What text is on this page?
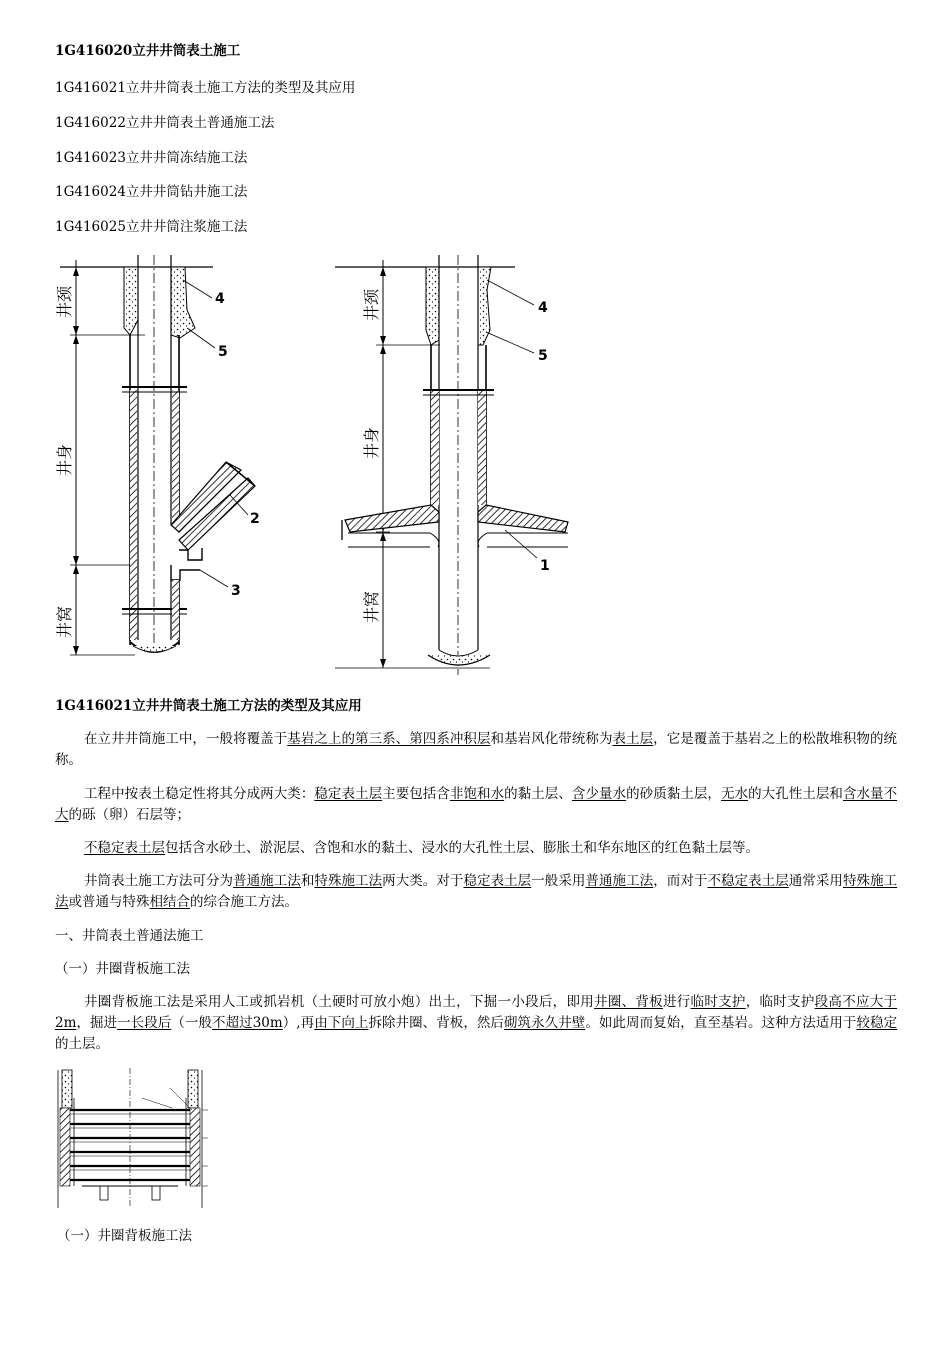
1G416020立井井筒表土施工
1G416021立井井筒表土施工方法的类型及其应用
1G416022立井井筒表土普通施工法
1G416023立井井筒冻结施工法
1G416024立井井筒钻井施工法
1G416025立井井筒注浆施工法
井颈
井身
井窝
4
5
2
3
井颈
井身
井窝
4
5
1
1G416021立井井筒表土施工方法的类型及其应用
在立井井筒施工中，一般将覆盖于基岩之上的第三系、第四系冲积层和基岩风化带统称为表土层，它是覆盖于基岩之上的松散堆积物的统称。
工程中按表土稳定性将其分成两大类：稳定表土层主要包括含非饱和水的黏土层、含少量水的砂质黏土层，无水的大孔性土层和含水量不大的砾（卵）石层等；
不稳定表土层包括含水砂土、淤泥层、含饱和水的黏土、浸水的大孔性土层、膨胀土和华东地区的红色黏土层等。
井筒表土施工方法可分为普通施工法和特殊施工法两大类。对于稳定表土层一般采用普通施工法，而对于不稳定表土层通常采用特殊施工法或普通与特殊相结合的综合施工方法。
一、井筒表土普通法施工
（一）井圈背板施工法
井圈背板施工法是采用人工或抓岩机（土硬时可放小炮）出土，下掘一小段后，即用井圈、背板进行临时支护，临时支护段高不应大于2m，掘进一长段后（一般不超过30m）,再由下向上拆除井圈、背板，然后砌筑永久井壁。如此周而复始，直至基岩。这种方法适用于较稳定的土层。
（一）井圈背板施工法
